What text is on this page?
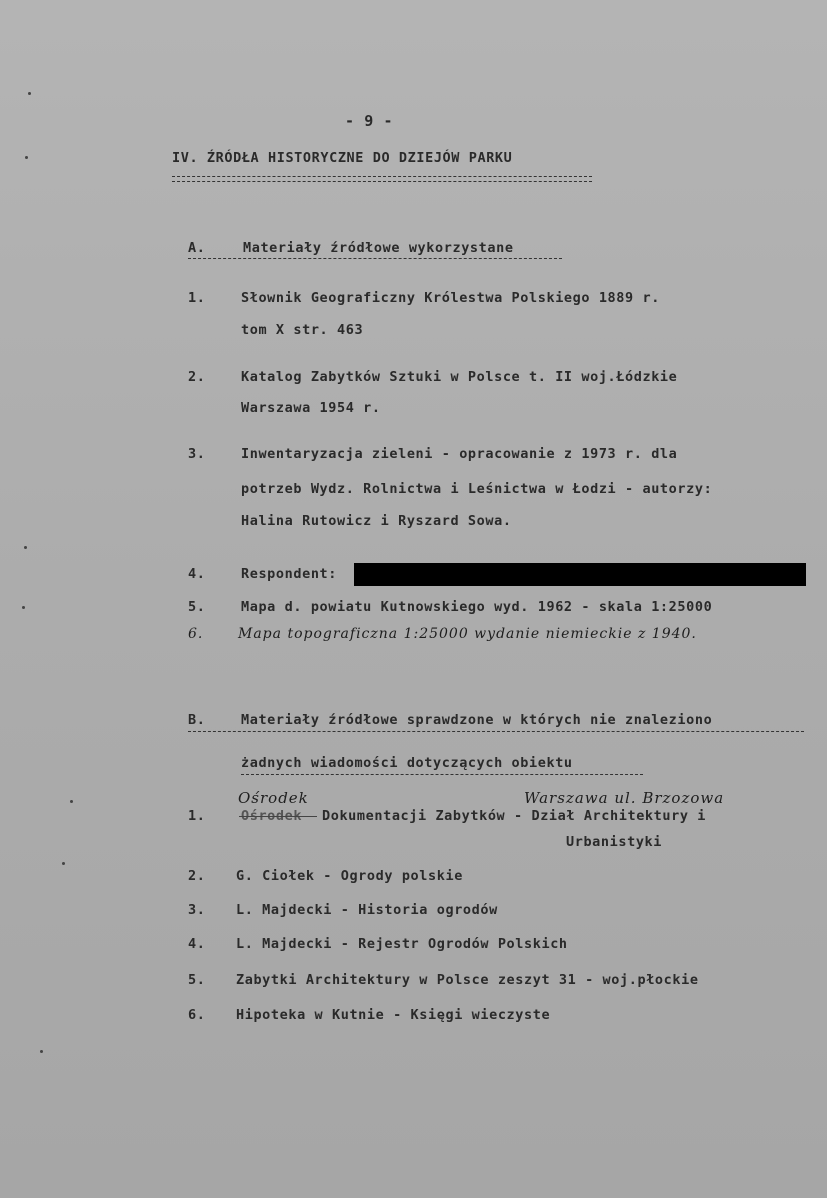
- 9 -
IV. ŹRÓDŁA HISTORYCZNE DO DZIEJÓW PARKU
A.	Materiały źródłowe wykorzystane
1.	Słownik Geograficzny Królestwa Polskiego 1889 r.
tom X str. 463
2.	Katalog Zabytków Sztuki w Polsce t. II woj.Łódzkie
Warszawa 1954 r.
3.	Inwentaryzacja zieleni - opracowanie z 1973 r. dla
potrzeb Wydz. Rolnictwa i Leśnictwa w Łodzi - autorzy:
Halina Rutowicz i Ryszard Sowa.
4.	Respondent:
5.	Mapa d. powiatu Kutnowskiego wyd. 1962 - skala 1:25000
6. Mapa topograficzna 1:25000 wydanie niemieckie z 1940.
B.	Materiały źródłowe sprawdzone w których nie znaleziono
żadnych wiadomości dotyczących obiektu
Ośrodek	Warszawa ul. Brzozowa
1.	Ośrodek Dokumentacji Zabytków - Dział Architektury i
Urbanistyki
2. G. Ciołek - Ogrody polskie
3. L. Majdecki - Historia ogrodów
4. L. Majdecki - Rejestr Ogrodów Polskich
5. Zabytki Architektury w Polsce zeszyt 31 - woj.płockie
6. Hipoteka w Kutnie - Księgi wieczyste
